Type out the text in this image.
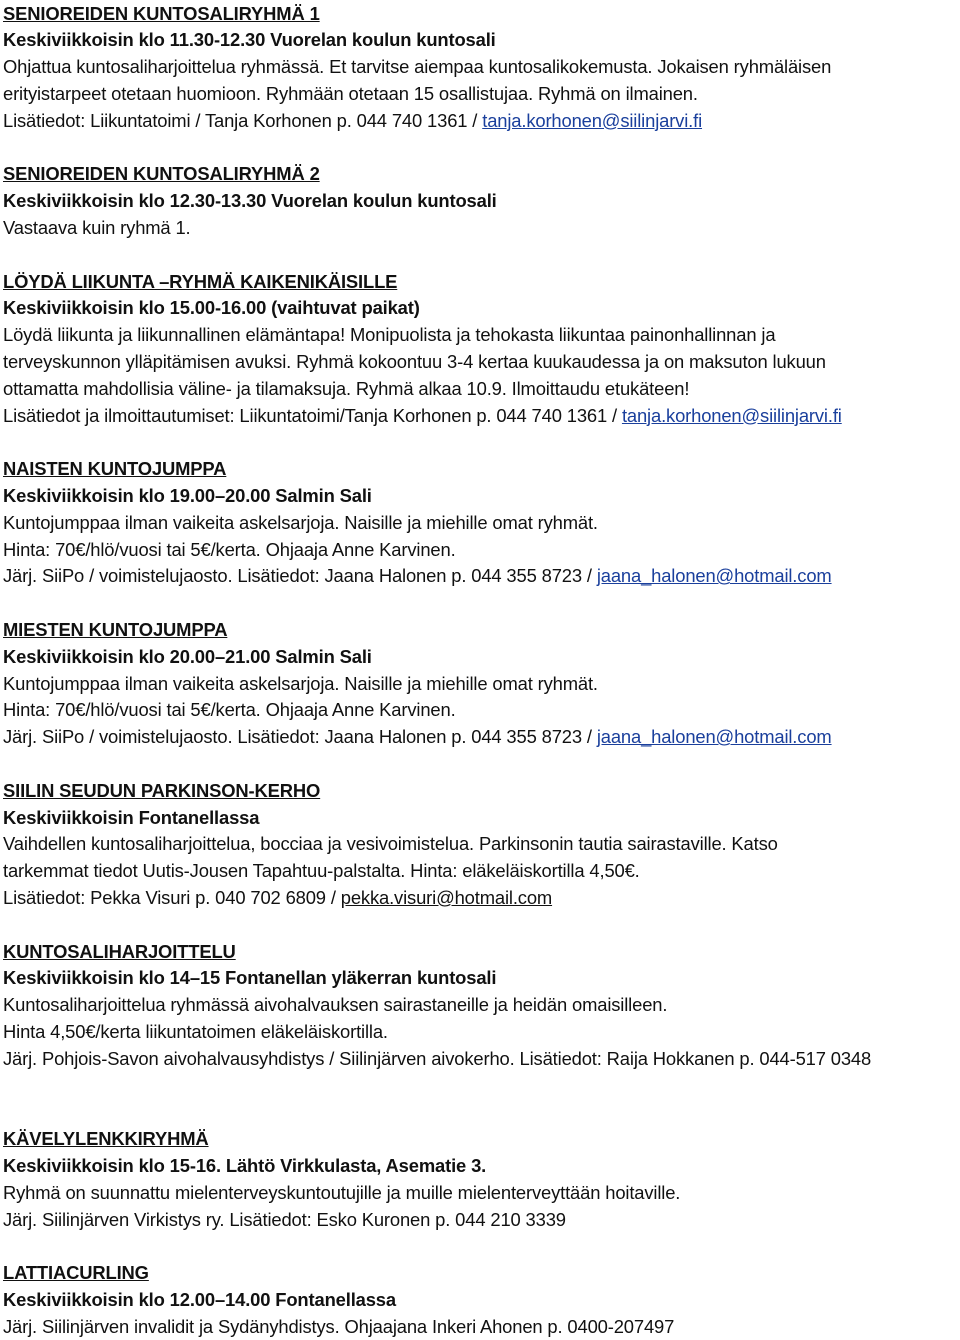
SENIOREIDEN KUNTOSALIRYHMÄ 1
Keskiviikkoisin klo 11.30-12.30 Vuorelan koulun kuntosali
Ohjattua kuntosaliharjoittelua ryhmässä. Et tarvitse aiempaa kuntosalikokemusta. Jokaisen ryhmäläisen
erityistarpeet otetaan huomioon. Ryhmään otetaan 15 osallistujaa. Ryhmä on ilmainen.
Lisätiedot: Liikuntatoimi / Tanja Korhonen p. 044 740 1361 / tanja.korhonen@siilinjarvi.fi
SENIOREIDEN KUNTOSALIRYHMÄ 2
Keskiviikkoisin klo 12.30-13.30 Vuorelan koulun kuntosali
Vastaava kuin ryhmä 1.
LÖYDÄ LIIKUNTA –RYHMÄ KAIKENIKÄISILLE
Keskiviikkoisin klo 15.00-16.00 (vaihtuvat paikat)
Löydä liikunta ja liikunnallinen elämäntapa! Monipuolista ja tehokasta liikuntaa painonhallinnan ja
terveyskunnon ylläpitämisen avuksi. Ryhmä kokoontuu 3-4 kertaa kuukaudessa ja on maksuton lukuun
ottamatta mahdollisia väline- ja tilamaksuja. Ryhmä alkaa 10.9. Ilmoittaudu etukäteen!
Lisätiedot ja ilmoittautumiset: Liikuntatoimi/Tanja Korhonen p. 044 740 1361 / tanja.korhonen@siilinjarvi.fi
NAISTEN KUNTOJUMPPA
Keskiviikkoisin klo 19.00–20.00 Salmin Sali
Kuntojumppaa ilman vaikeita askelsarjoja. Naisille ja miehille omat ryhmät.
Hinta: 70€/hlö/vuosi tai 5€/kerta. Ohjaaja Anne Karvinen.
Järj. SiiPo / voimistelujaosto. Lisätiedot: Jaana Halonen p. 044 355 8723 / jaana_halonen@hotmail.com
MIESTEN KUNTOJUMPPA
Keskiviikkoisin klo 20.00–21.00 Salmin Sali
Kuntojumppaa ilman vaikeita askelsarjoja. Naisille ja miehille omat ryhmät.
Hinta: 70€/hlö/vuosi tai 5€/kerta. Ohjaaja Anne Karvinen.
Järj. SiiPo / voimistelujaosto. Lisätiedot: Jaana Halonen p. 044 355 8723 / jaana_halonen@hotmail.com
SIILIN SEUDUN PARKINSON-KERHO
Keskiviikkoisin Fontanellassa
Vaihdellen kuntosaliharjoittelua, bocciaa ja vesivoimistelua. Parkinsonin tautia sairastaville. Katso
tarkemmat tiedot Uutis-Jousen Tapahtuu-palstalta. Hinta: eläkeläiskortilla 4,50€.
Lisätiedot: Pekka Visuri p. 040 702 6809 / pekka.visuri@hotmail.com
KUNTOSALIHARJOITTELU
Keskiviikkoisin klo 14–15 Fontanellan yläkerran kuntosali
Kuntosaliharjoittelua ryhmässä aivohalvauksen sairastaneille ja heidän omaisilleen.
Hinta 4,50€/kerta liikuntatoimen eläkeläiskortilla.
Järj. Pohjois-Savon aivohalvausyhdistys / Siilinjärven aivokerho. Lisätiedot: Raija Hokkanen p. 044-517 0348
KÄVELYLENKKIRYHMÄ
Keskiviikkoisin klo 15-16. Lähtö Virkkulasta, Asematie 3.
Ryhmä on suunnattu mielenterveyskuntoutujille ja muille mielenterveyttään hoitaville.
Järj. Siilinjärven Virkistys ry. Lisätiedot: Esko Kuronen p. 044 210 3339
LATTIACURLING
Keskiviikkoisin klo 12.00–14.00 Fontanellassa
Järj. Siilinjärven invalidit ja Sydänyhdistys. Ohjaajana Inkeri Ahonen p. 0400-207497
